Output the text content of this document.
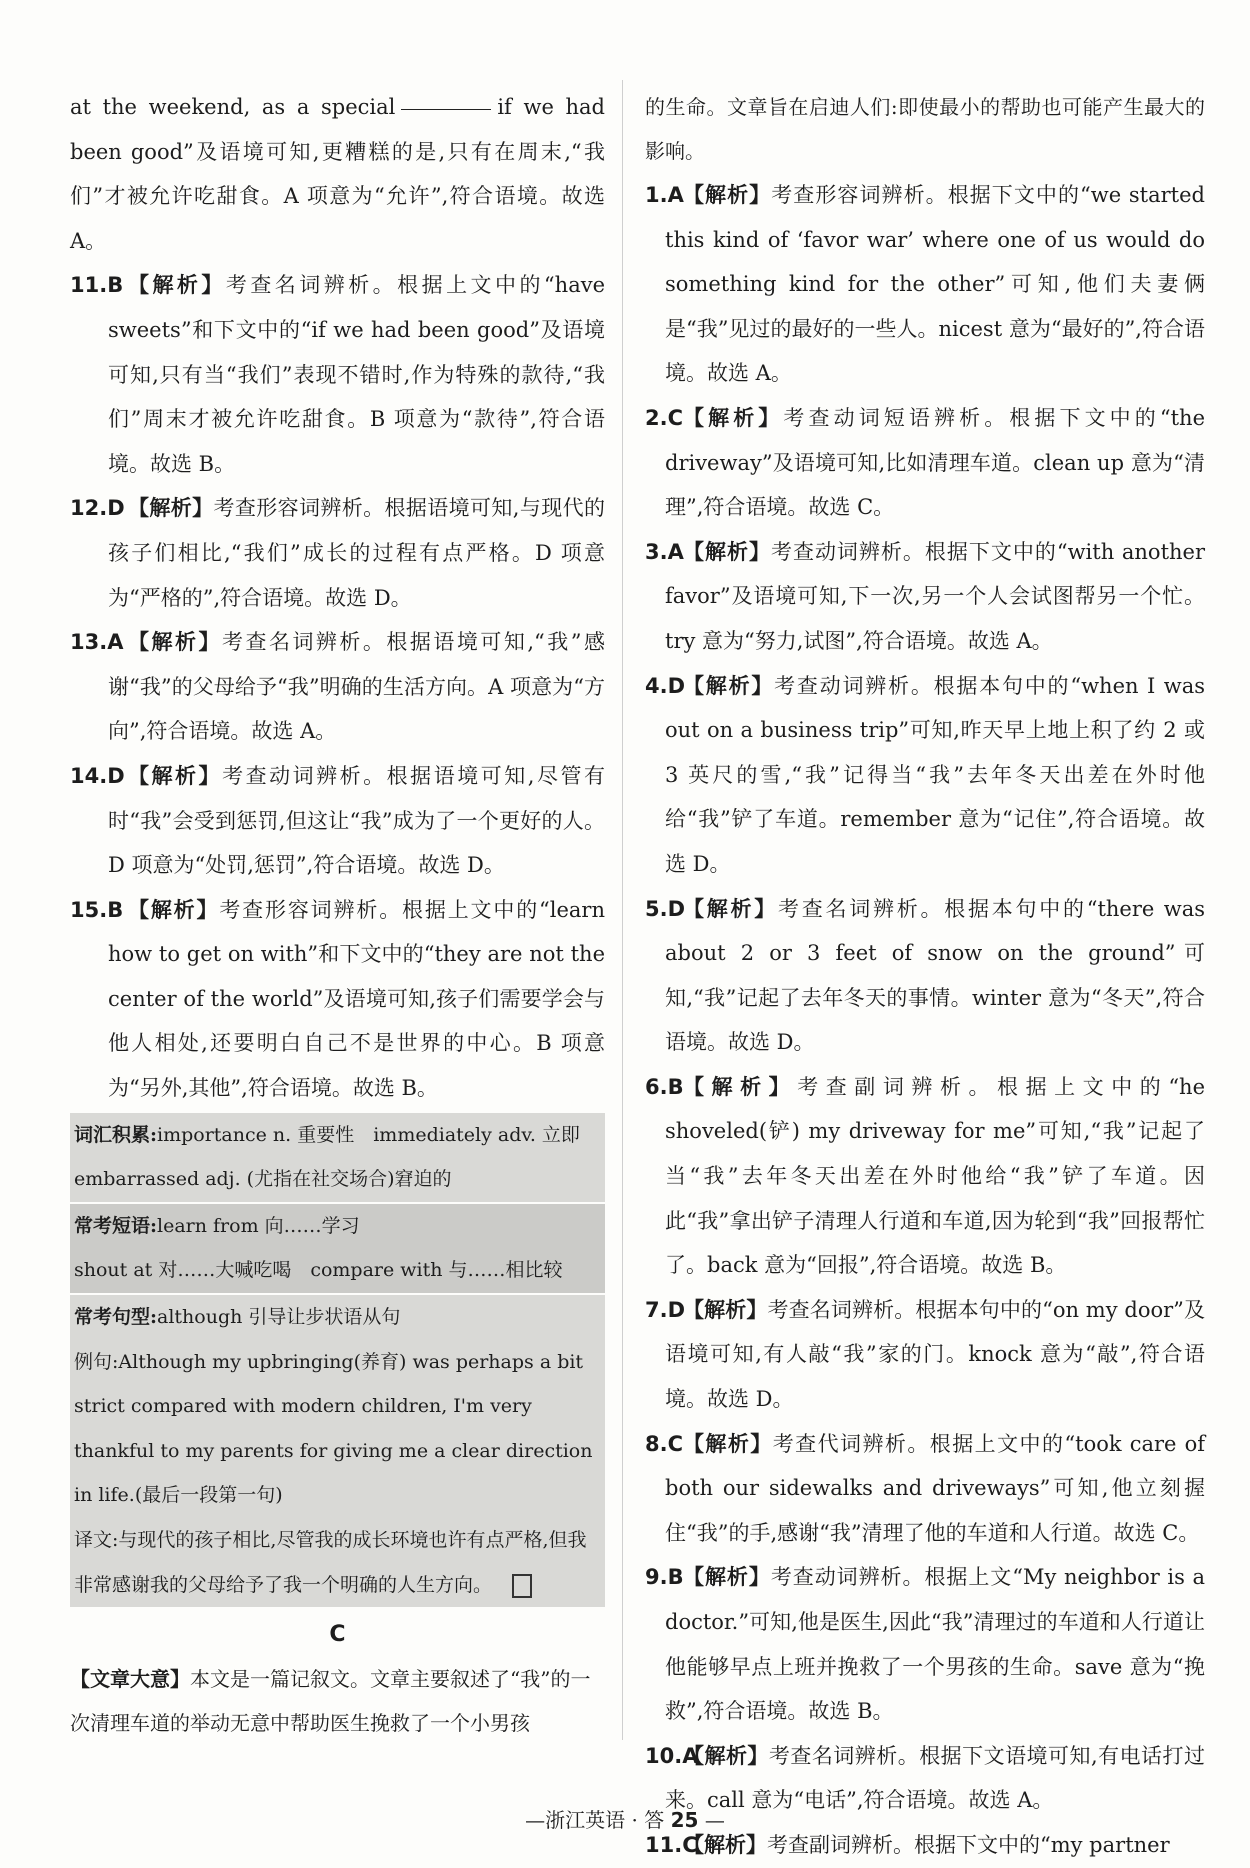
at the weekend, as a special	if we had been good”及语境可知,更糟糕的是,只有在周末,“我们”才被允许吃甜食。A 项意为“允许”,符合语境。故选 A。

11.B 【解析】考查名词辨析。根据上文中的“have sweets”和下文中的“if we had been good”及语境可知,只有当“我们”表现不错时,作为特殊的款待,“我们”周末才被允许吃甜食。B 项意为“款待”,符合语境。故选 B。
12.D 【解析】考查形容词辨析。根据语境可知,与现代的孩子们相比,“我们”成长的过程有点严格。D 项意为“严格的”,符合语境。故选 D。
13.A 【解析】考查名词辨析。根据语境可知,“我”感谢“我”的父母给予“我”明确的生活方向。A 项意为“方向”,符合语境。故选 A。
14.D 【解析】考查动词辨析。根据语境可知,尽管有时“我”会受到惩罚,但这让“我”成为了一个更好的人。D 项意为“处罚,惩罚”,符合语境。故选 D。
15.B 【解析】考查形容词辨析。根据上文中的“learn how to get on with”和下文中的“they are not the center of the world”及语境可知,孩子们需要学会与他人相处,还要明白自己不是世界的中心。B 项意为“另外,其他”,符合语境。故选 B。
词汇积累:importance n. 重要性　immediately adv. 立即　embarrassed adj. (尤指在社交场合)窘迫的
常考短语:learn from 向……学习
shout at 对……大喊吃喝　compare with 与……相比较
常考句型:although 引导让步状语从句
例句:Although my upbringing(养育) was perhaps a bit strict compared with modern children, I'm very thankful to my parents for giving me a clear direction in life.(最后一段第一句)
译文:与现代的孩子相比,尽管我的成长环境也许有点严格,但我非常感谢我的父母给予了我一个明确的人生方向。
C
【文章大意】本文是一篇记叙文。文章主要叙述了“我”的一次清理车道的举动无意中帮助医生挽救了一个小男孩

的生命。文章旨在启迪人们:即使最小的帮助也可能产生最大的影响。

1.A 【解析】考查形容词辨析。根据下文中的“we started this kind of ‘favor war’ where one of us would do something kind for the other”可知,他们夫妻俩是“我”见过的最好的一些人。nicest 意为“最好的”,符合语境。故选 A。
2.C 【解析】考查动词短语辨析。根据下文中的“the driveway”及语境可知,比如清理车道。clean up 意为“清理”,符合语境。故选 C。
3.A 【解析】考查动词辨析。根据下文中的“with another favor”及语境可知,下一次,另一个人会试图帮另一个忙。try 意为“努力,试图”,符合语境。故选 A。
4.D
【解析】考查动词辨析。根据本句中的“when I was out on a business trip”可知,昨天早上地上积了约 2 或 3 英尺的雪,“我”记得当“我”去年冬天出差在外时他给“我”铲了车道。remember 意为“记住”,符合语境。故选 D。
5.D
【解析】考查名词辨析。根据本句中的“there was about 2 or 3 feet of snow on the ground”可知,“我”记起了去年冬天的事情。winter 意为“冬天”,符合语境。故选 D。
6.B 【解析】考查副词辨析。根据上文中的“he shoveled(铲) my driveway for me”可知,“我”记起了当“我”去年冬天出差在外时他给“我”铲了车道。因此“我”拿出铲子清理人行道和车道,因为轮到“我”回报帮忙了。back 意为“回报”,符合语境。故选 B。
7.D
【解析】考查名词辨析。根据本句中的“on my door”及语境可知,有人敲“我”家的门。knock 意为“敲”,符合语境。故选 D。
8.C 【解析】考查代词辨析。根据上文中的“took care of both our sidewalks and driveways”可知,他立刻握住“我”的手,感谢“我”清理了他的车道和人行道。故选 C。
9.B 【解析】考查动词辨析。根据上文“My neighbor is a doctor.”可知,他是医生,因此“我”清理过的车道和人行道让他能够早点上班并挽救了一个男孩的生命。save 意为“挽救”,符合语境。故选 B。
10.A
【解析】考查名词辨析。根据下文语境可知,有电话打过来。call 意为“电话”,符合语境。故选 A。
11.C
【解析】考查副词辨析。根据下文中的“my partner
—浙江英语 · 答 25 —
